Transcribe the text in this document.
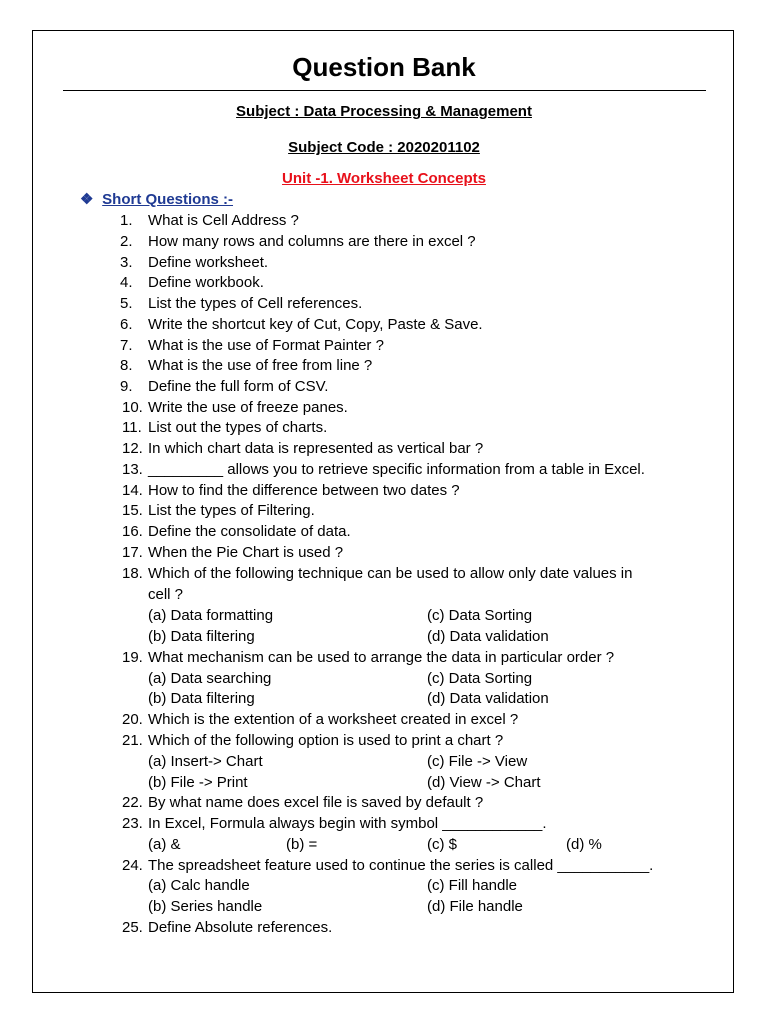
Question Bank
Subject : Data Processing & Management
Subject Code : 2020201102
Unit -1. Worksheet Concepts
❖ Short Questions :-
1.	What is Cell Address ?
2.	How many rows and columns are there in excel ?
3.	Define worksheet.
4.	Define workbook.
5.	List the types of Cell references.
6.	Write the shortcut key of Cut, Copy, Paste & Save.
7.	What is the use of Format Painter ?
8.	What is the use of free from line ?
9.	Define the full form of CSV.
10. Write the use of freeze panes.
11. List out the types of charts.
12. In which chart data is represented as vertical bar ?
13. _________ allows you to retrieve specific information from a table in Excel.
14. How to find the difference between two dates ?
15. List the types of Filtering.
16. Define the consolidate of data.
17. When the Pie Chart is used ?
18. Which of the following technique can be used to allow only date values in
cell ?
(a) Data formatting	(c) Data Sorting
(b) Data filtering	(d) Data validation
19. What mechanism can be used to arrange the data in particular order ?
(a) Data searching	(c) Data Sorting
(b) Data filtering	(d) Data validation
20. Which is the extention of a worksheet created in excel ?
21. Which of the following option is used to print a chart ?
(a) Insert-> Chart	(c) File -> View
(b) File -> Print	(d) View -> Chart
22. By what name does excel file is saved by default ?
23. In Excel, Formula always begin with symbol ____________.
(a) &	(b) =	(c) $	(d) %
24. The spreadsheet feature used to continue the series is called ___________.
(a) Calc handle	(c) Fill handle
(b) Series handle	(d) File handle
25. Define Absolute references.
